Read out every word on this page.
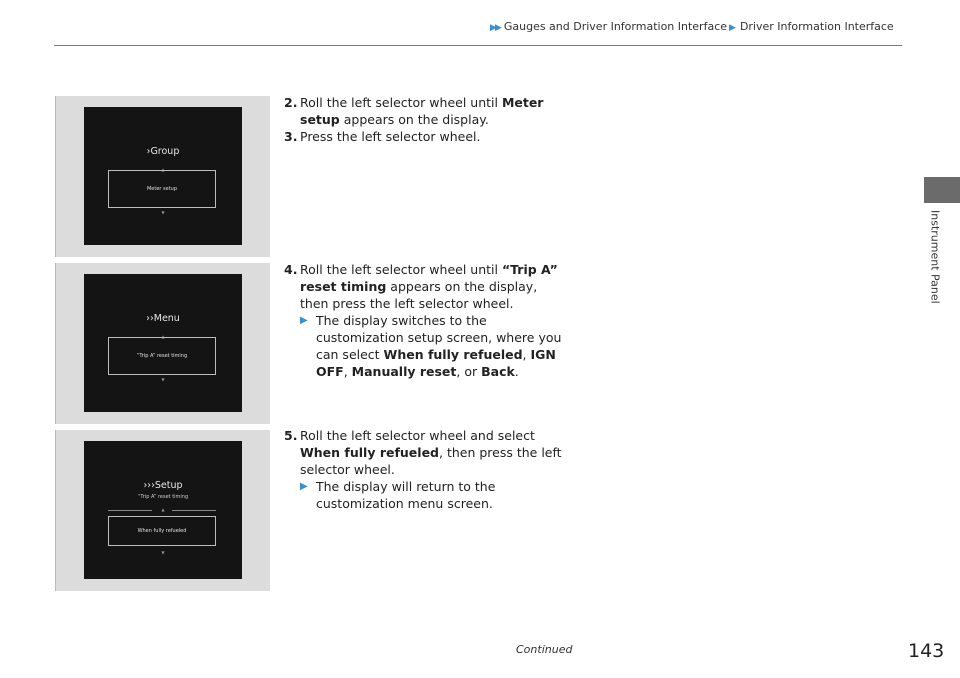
▶▶ Gauges and Driver Information Interface ▶ Driver Information Interface
Instrument Panel
›Group
▲
Meter setup
▼
››Menu
▲
“Trip A” reset timing
▼
›››Setup
“Trip A” reset timing
▲
When fully refueled
▼
2. Roll the left selector wheel until Meter setup appears on the display.
3. Press the left selector wheel.
4. Roll the left selector wheel until “Trip A” reset timing appears on the display, then press the left selector wheel.
▶ The display switches to the customization setup screen, where you can select When fully refueled, IGN OFF, Manually reset, or Back.
5. Roll the left selector wheel and select When fully refueled, then press the left selector wheel.
▶ The display will return to the customization menu screen.
Continued	143
